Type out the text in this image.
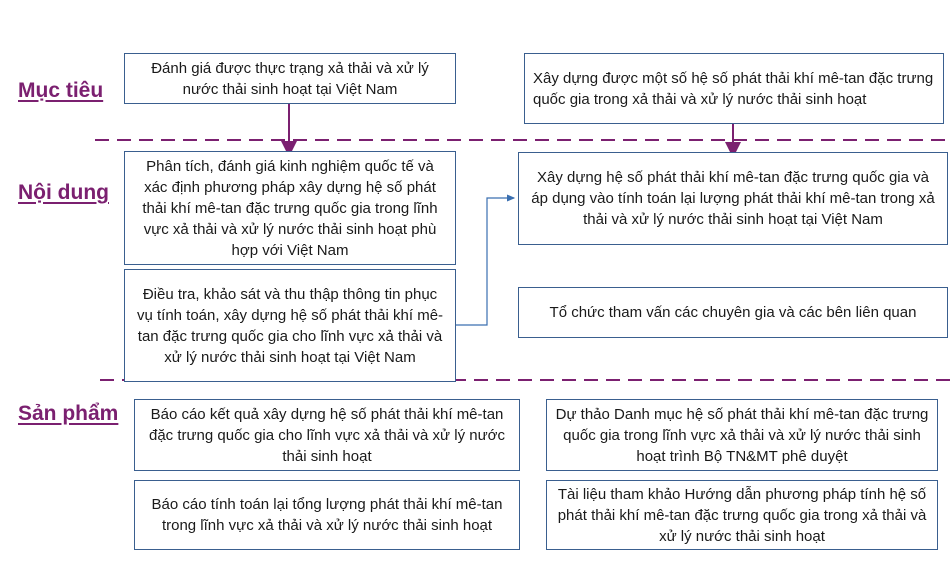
Mục tiêu
Nội dung
Sản phẩm
Đánh giá được thực trạng xả thải và xử lý nước thải sinh hoạt tại Việt Nam
Xây dựng được một số hệ số phát thải khí mê-tan đặc trưng quốc gia trong xả thải và xử lý nước thải sinh hoạt
Phân tích, đánh giá kinh nghiệm quốc tế và xác định phương pháp xây dựng hệ số phát thải khí mê-tan đặc trưng quốc gia trong lĩnh vực xả thải và xử lý nước thải sinh hoạt phù hợp với Việt Nam
Điều tra, khảo sát và thu thập thông tin phục vụ tính toán, xây dựng hệ số phát thải khí mê-tan đặc trưng quốc gia cho lĩnh vực xả thải và xử lý nước thải sinh hoạt tại Việt Nam
Xây dựng hệ số phát thải khí mê-tan đặc trưng quốc gia và áp dụng vào tính toán lại lượng phát thải khí mê-tan trong xả thải và xử lý nước thải sinh hoạt tại Việt Nam
Tổ chức tham vấn các chuyên gia và các bên liên quan
Báo cáo kết quả xây dựng hệ số phát thải khí mê-tan đặc trưng quốc gia cho lĩnh vực xả thải và xử lý nước thải sinh hoạt
Dự thảo Danh mục hệ số phát thải khí mê-tan đặc trưng quốc gia trong lĩnh vực xả thải và xử lý nước thải sinh hoạt trình Bộ TN&MT phê duyệt
Báo cáo tính toán lại tổng lượng phát thải khí mê-tan trong lĩnh vực xả thải và xử lý nước thải sinh hoạt
Tài liệu tham khảo Hướng dẫn phương pháp tính hệ số phát thải khí mê-tan đặc trưng quốc gia trong xả thải và xử lý nước thải sinh hoạt
